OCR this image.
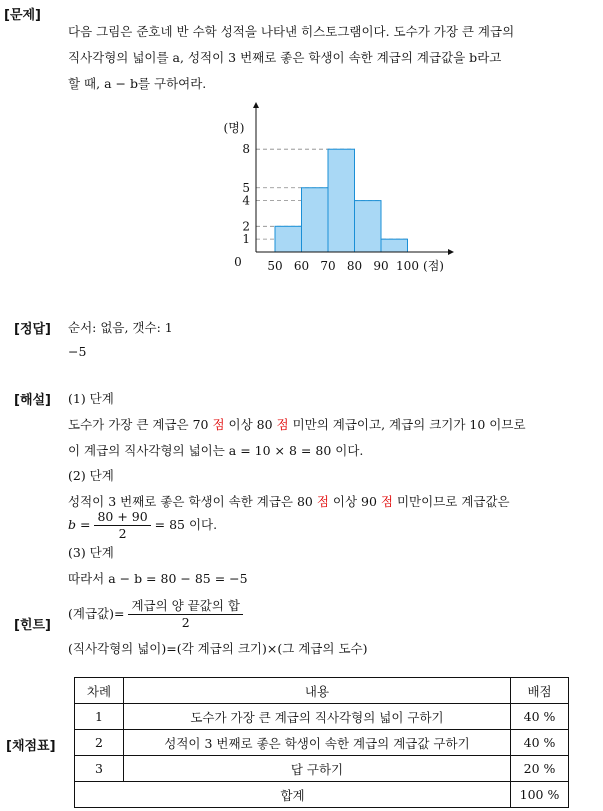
[문제]
다음 그림은 준호네 반 수학 성적을 나타낸 히스토그램이다. 도수가 가장 큰 계급의
직사각형의 넓이를 a, 성적이 3 번째로 좋은 학생이 속한 계급의 계급값을 b라고
할 때, a − b를 구하여라.
1
2
4
5
8
50 60 70 80 90 100
0
(명)
(점)
[정답] 순서: 없음, 갯수: 1
−5
[해설] (1) 단계
도수가 가장 큰 계급은 70 점 이상 80 점 미만의 계급이고, 계급의 크기가 10 이므로
이 계급의 직사각형의 넓이는 a = 10 × 8 = 80 이다.
(2) 단계
성적이 3 번째로 좋은 학생이 속한 계급은 80 점 이상 90 점 미만이므로 계급값은
$b = \frac{80 + 90}{2} = 85$ 이다.
(3) 단계
따라서 a − b = 80 − 85 = −5
[힌트]
(계급값)= $\frac{\text{계급의 양 끝값의 합}}{2}$
(직사각형의 넓이)=(각 계급의 크기)×(그 계급의 도수)
[채점표]
차례	내용	배점
1	도수가 가장 큰 계급의 직사각형의 넓이 구하기	40 %
2	성적이 3 번째로 좋은 학생이 속한 계급의 계급값 구하기	40 %
3	답 구하기	20 %
합계		100 %
